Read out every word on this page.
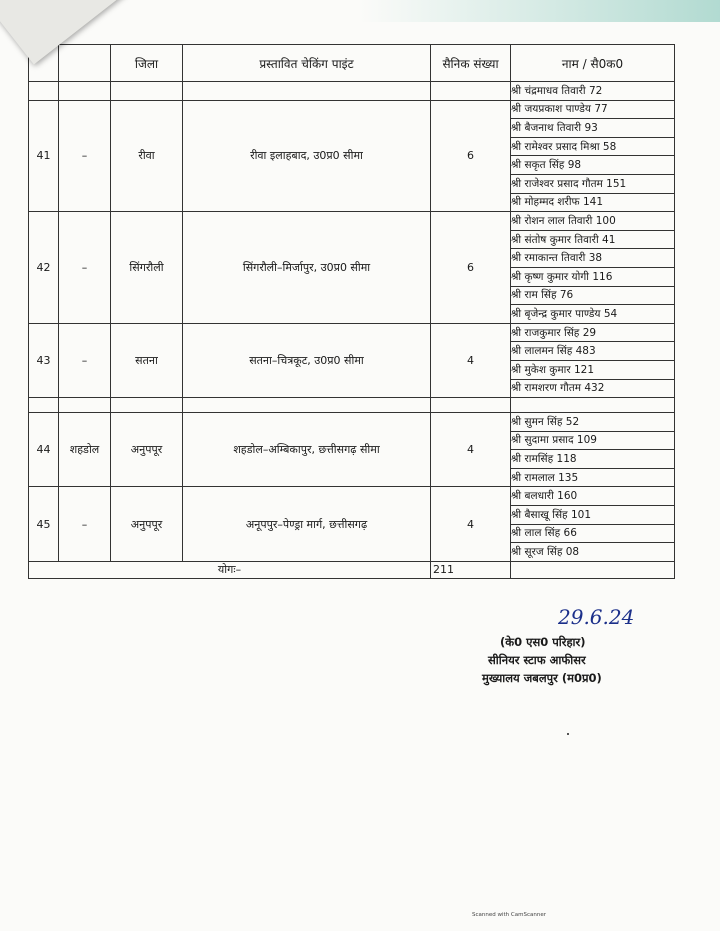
		जिला	प्रस्तावित चेकिंग पाइंट	सैनिक संख्या	नाम / सै0क0
					श्री चंद्रमाधव तिवारी 72
41	–	रीवा	रीवा इलाहबाद, उ0प्र0 सीमा	6	श्री जयप्रकाश पाण्डेय 77
					श्री बैजनाथ तिवारी 93
					श्री रामेश्वर प्रसाद मिश्रा 58
					श्री सकृत सिंह 98
					श्री राजेश्वर प्रसाद गौतम 151
					श्री मोहम्मद शरीफ 141
42	–	सिंगरौली	सिंगरौली–मिर्जापुर, उ0प्र0 सीमा	6	श्री रोशन लाल तिवारी 100
					श्री संतोष कुमार तिवारी 41
					श्री रमाकान्त तिवारी 38
					श्री कृष्ण कुमार योगी 116
					श्री राम सिंह 76
					श्री बृजेन्द्र कुमार पाण्डेय 54
43	–	सतना	सतना–चित्रकूट, उ0प्र0 सीमा	4	श्री राजकुमार सिंह 29
					श्री लालमन सिंह 483
					श्री मुकेश कुमार 121
					श्री रामशरण गौतम 432

44	शहडोल	अनुपपूर	शहडोल–अम्बिकापुर, छत्तीसगढ़ सीमा	4	श्री सुमन सिंह 52
					श्री सुदामा प्रसाद 109
					श्री रामसिंह 118
					श्री रामलाल 135
45	–	अनुपपूर	अनूपपुर–पेण्ड्रा मार्ग, छत्तीसगढ़	4	श्री बलधारी 160
					श्री बैसाखू सिंह 101
					श्री लाल सिंह 66
					श्री सूरज सिंह 08
योगः–				211	
29.6.24
(के0 एस0 परिहार)
सीनियर स्टाफ आफीसर
मुख्यालय जबलपुर (म0प्र0)
Scanned with CamScanner
